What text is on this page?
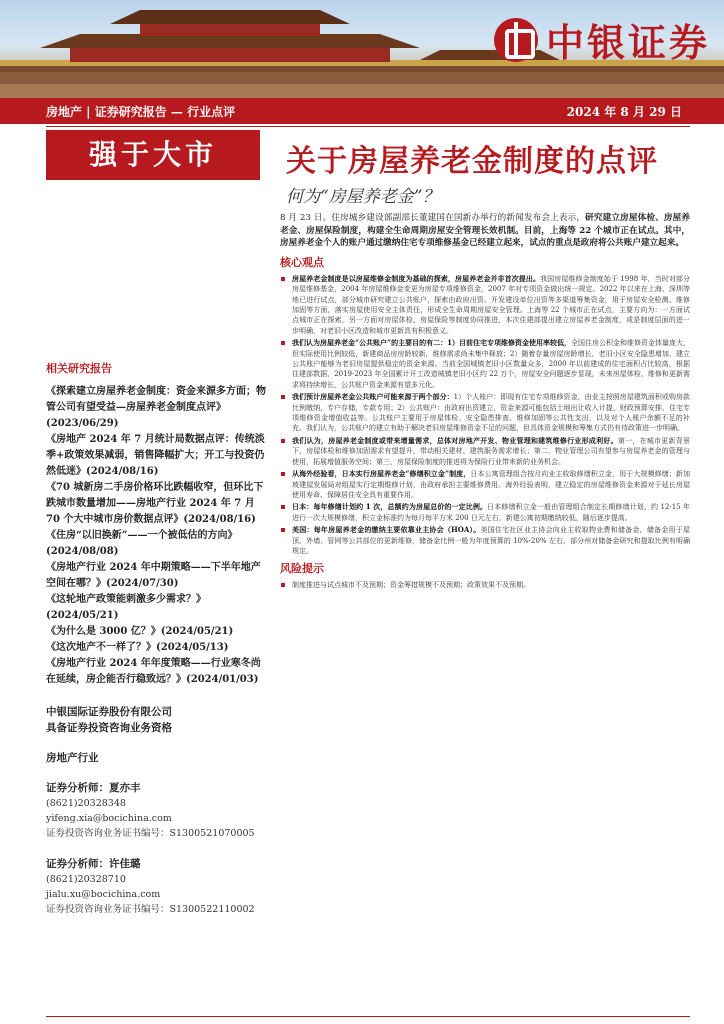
中银证券
房地产 | 证券研究报告 — 行业点评	2024 年 8 月 29 日
强于大市	关于房屋养老金制度的点评
何为“房屋养老金”？
相关研究报告
《探索建立房屋养老金制度：资金来源多方面；物管公司有望受益—房屋养老金制度点评》(2023/06/29)
《房地产 2024 年 7 月统计局数据点评：传统淡季+政策效果减弱，销售降幅扩大；开工与投资仍然低迷》(2024/08/16)
《70 城新房二手房价格环比跌幅收窄，但环比下跌城市数量增加——房地产行业 2024 年 7 月 70 个大中城市房价数据点评》(2024/08/16)
《住房“以旧换新”——一个被低估的方向》(2024/08/08)
《房地产行业 2024 年中期策略——下半年地产空间在哪？》(2024/07/30)
《这轮地产政策能刺激多少需求？》(2024/05/21)
《为什么是 3000 亿？》(2024/05/21)
《这次地产不一样了？》(2024/05/13)
《房地产行业 2024 年年度策略——行业寒冬尚在延续，房企能否行稳致远？》(2024/01/03)
中银国际证券股份有限公司
具备证券投资咨询业务资格
房地产行业
证券分析师：夏亦丰
(8621)20328348
yifeng.xia@bocichina.com
证券投资咨询业务证书编号：S1300521070005
证券分析师：许佳璐
(8621)20328710
jialu.xu@bocichina.com
证券投资咨询业务证书编号：S1300522110002

8 月 23 日，住房城乡建设部副部长董建国在国新办举行的新闻发布会上表示，研究建立房屋体检、房屋养老金、房屋保险制度，构建全生命周期房屋安全管理长效机制。目前，上海等 22 个城市正在试点。其中，房屋养老金个人的账户通过缴纳住宅专项维修基金已经建立起来，试点的重点是政府将公共账户建立起来。

核心观点
房屋养老金制度是以房屋维修金制度为基础的探索，房屋养老金并非首次提出。我国房屋维修金制度始于 1998 年，当时对部分房屋维修基金，2004 年房屋维修金变更为房屋专项维修资金，2007 年对专项资金做出统一规定。2022 年以来在上海、深圳等地已进行试点，部分城市研究建立公共账户，探索由政府出资、开发建设单位出资等多渠道筹集资金，用于房屋安全检测、维修加固等方面，落实房屋使用安全主体责任，形成全生命周期房屋安全管理。上海等 22 个城市正在试点，主要方向为：一方面试点城市正在探索，另一方面对房屋体检、房屋保险等制度协同推进，本次住建部提出建立房屋养老金制度，或是制度层面的进一步明确，对老旧小区改造和城市更新具有积极意义。
我们认为房屋养老金“公共账户”的主要目的有二：1）目前住宅专项维修资金使用率较低，全国住房公积金和维修资金体量庞大，但实际使用比例较低，新建商品房房龄较新，维修需求尚未集中释放；2）随着存量房屋房龄增长，老旧小区安全隐患增加，建立公共账户能够为老旧房屋提供稳定的资金来源。当前全国城镇老旧小区数量众多，2000 年以前建成的住宅面积占比较高，根据住建部数据，2019-2023 年全国累计开工改造城镇老旧小区约 22 万个，房屋安全问题逐步显现，未来房屋体检、维修和更新需求将持续增长，公共账户资金来源有望多元化。
我们预计房屋养老金公共账户可能来源于两个部分：1）个人账户：即现有住宅专项维修资金，由业主按照房屋建筑面积或购房款比例缴纳，专户存储，专款专用；2）公共账户：由政府出资建立，资金来源可能包括土地出让收入计提、财政预算安排、住宅专项维修资金增值收益等。公共账户主要用于房屋体检、安全隐患排查、维修加固等公共性支出，以及对个人账户余额不足的补充。我们认为，公共账户的建立有助于解决老旧房屋维修资金不足的问题，但具体资金规模和筹集方式仍有待政策进一步明确。
我们认为，房屋养老金制度或带来增量需求，总体对房地产开发、物业管理和建筑维修行业形成利好。第一，在城市更新背景下，房屋体检和维修加固需求有望提升，带动相关建材、建筑服务需求增长；第二，物业管理公司有望参与房屋养老金的管理与使用，拓展增值服务空间；第三，房屋保险制度的推进将为保险行业带来新的业务机会。
从海外经验看，日本实行房屋养老金“修缮积立金”制度，日本公寓管理组合按月向业主收取修缮积立金，用于大规模修缮；新加坡建屋发展局对组屋实行定期维修计划，由政府承担主要维修费用。海外经验表明，建立稳定的房屋维修资金来源对于延长房屋使用寿命、保障居住安全具有重要作用。
日本：每年修缮计划约 1 次，总额约为房屋总价的一定比例。日本修缮积立金一般由管理组合制定长期修缮计划，约 12-15 年进行一次大规模修缮，积立金标准约为每月每平方米 200 日元左右，新建公寓初期缴纳较低，随后逐步提高。
美国：每年房屋养老金的缴纳主要依靠业主协会（HOA）。美国住宅社区业主协会向业主收取物业费和储备金，储备金用于屋顶、外墙、管网等公共部位的更新维修，储备金比例一般为年度预算的 10%-20% 左右，部分州对储备金研究和提取比例有明确规定。
风险提示
制度推进与试点城市不及预期；资金筹措规模不及预期；政策效果不及预期。
